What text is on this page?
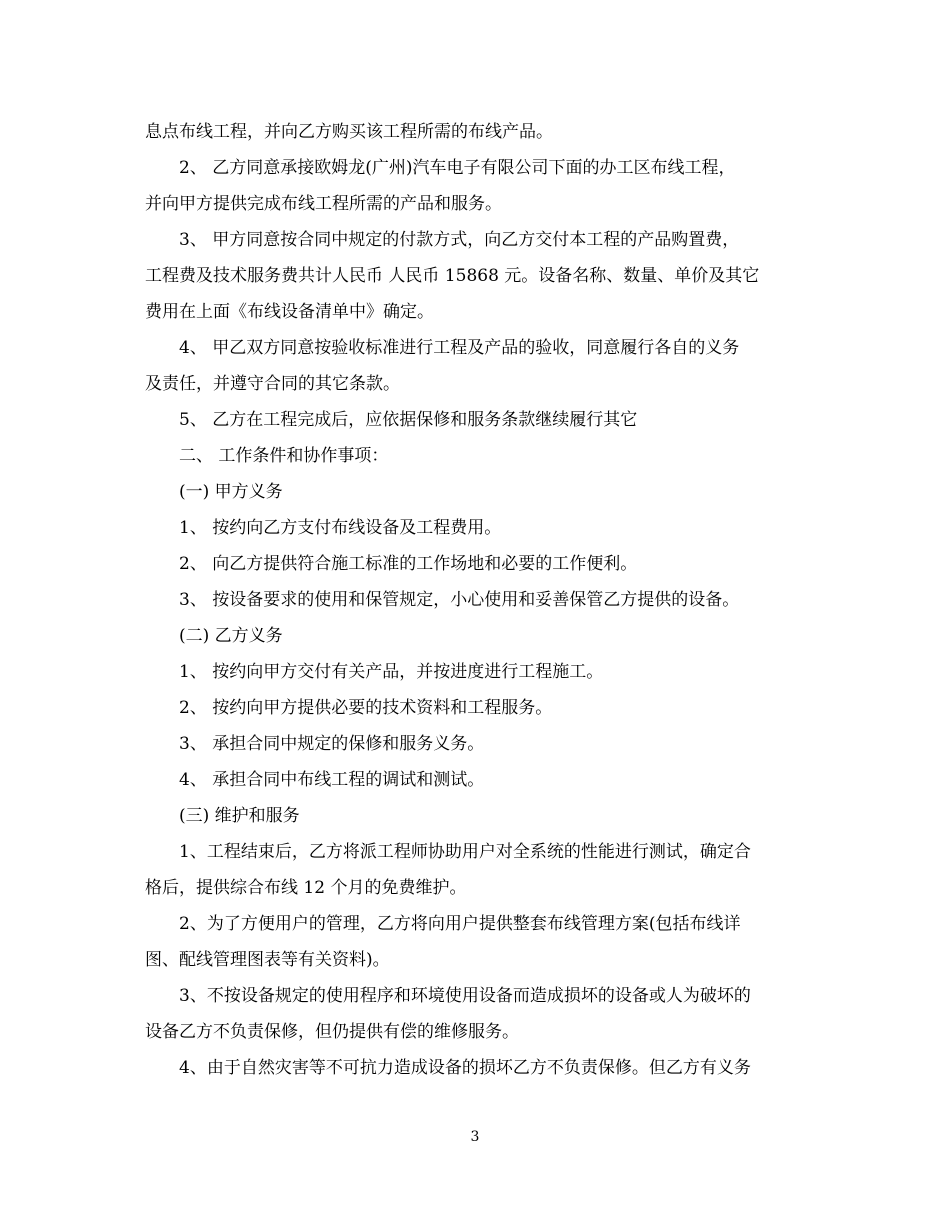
息点布线工程，并向乙方购买该工程所需的布线产品。

2、 乙方同意承接欧姆龙(广州)汽车电子有限公司下面的办工区布线工程，
并向甲方提供完成布线工程所需的产品和服务。

3、 甲方同意按合同中规定的付款方式，向乙方交付本工程的产品购置费，
工程费及技术服务费共计人民币 人民币 15868 元。设备名称、数量、单价及其它
费用在上面《布线设备清单中》确定。

4、 甲乙双方同意按验收标准进行工程及产品的验收，同意履行各自的义务
及责任，并遵守合同的其它条款。

5、 乙方在工程完成后，应依据保修和服务条款继续履行其它

二、 工作条件和协作事项：

(一) 甲方义务

1、 按约向乙方支付布线设备及工程费用。

2、 向乙方提供符合施工标准的工作场地和必要的工作便利。

3、 按设备要求的使用和保管规定，小心使用和妥善保管乙方提供的设备。

(二) 乙方义务

1、 按约向甲方交付有关产品，并按进度进行工程施工。

2、 按约向甲方提供必要的技术资料和工程服务。

3、 承担合同中规定的保修和服务义务。

4、 承担合同中布线工程的调试和测试。

(三) 维护和服务

1、工程结束后，乙方将派工程师协助用户对全系统的性能进行测试，确定合
格后，提供综合布线 12 个月的免费维护。

2、为了方便用户的管理，乙方将向用户提供整套布线管理方案(包括布线详
图、配线管理图表等有关资料)。

3、不按设备规定的使用程序和环境使用设备而造成损坏的设备或人为破坏的
设备乙方不负责保修，但仍提供有偿的维修服务。

4、由于自然灾害等不可抗力造成设备的损坏乙方不负责保修。但乙方有义务

3
